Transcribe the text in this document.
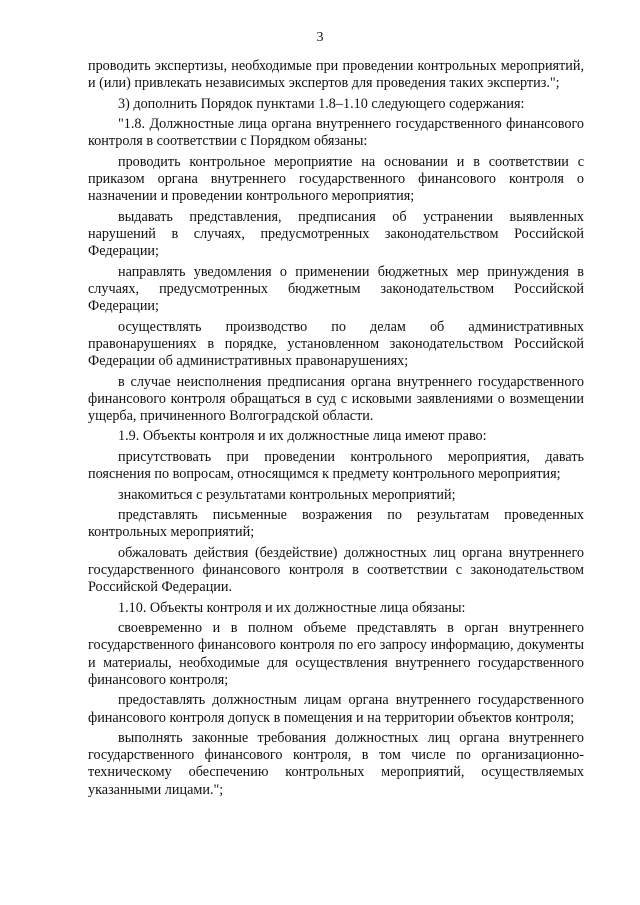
3

проводить экспертизы, необходимые при проведении контрольных мероприятий, и (или) привлекать независимых экспертов для проведения таких экспертиз.";

3) дополнить Порядок пунктами 1.8–1.10 следующего содержания:

"1.8. Должностные лица органа внутреннего государственного финансового контроля в соответствии с Порядком обязаны:

проводить контрольное мероприятие на основании и в соответствии с приказом органа внутреннего государственного финансового контроля о назначении и проведении контрольного мероприятия;

выдавать представления, предписания об устранении выявленных нарушений в случаях, предусмотренных законодательством Российской Федерации;

направлять уведомления о применении бюджетных мер принуждения в случаях, предусмотренных бюджетным законодательством Российской Федерации;

осуществлять производство по делам об административных правонарушениях в порядке, установленном законодательством Российской Федерации об административных правонарушениях;

в случае неисполнения предписания органа внутреннего государственного финансового контроля обращаться в суд с исковыми заявлениями о возмещении ущерба, причиненного Волгоградской области.

1.9. Объекты контроля и их должностные лица имеют право:

присутствовать при проведении контрольного мероприятия, давать пояснения по вопросам, относящимся к предмету контрольного мероприятия;

знакомиться с результатами контрольных мероприятий;

представлять письменные возражения по результатам проведенных контрольных мероприятий;

обжаловать действия (бездействие) должностных лиц органа внутреннего государственного финансового контроля в соответствии с законодательством Российской Федерации.

1.10. Объекты контроля и их должностные лица обязаны:

своевременно и в полном объеме представлять в орган внутреннего государственного финансового контроля по его запросу информацию, документы и материалы, необходимые для осуществления внутреннего государственного финансового контроля;

предоставлять должностным лицам органа внутреннего государственного финансового контроля допуск в помещения и на территории объектов контроля;

выполнять законные требования должностных лиц органа внутреннего государственного финансового контроля, в том числе по организационно-техническому обеспечению контрольных мероприятий, осуществляемых указанными лицами.";
